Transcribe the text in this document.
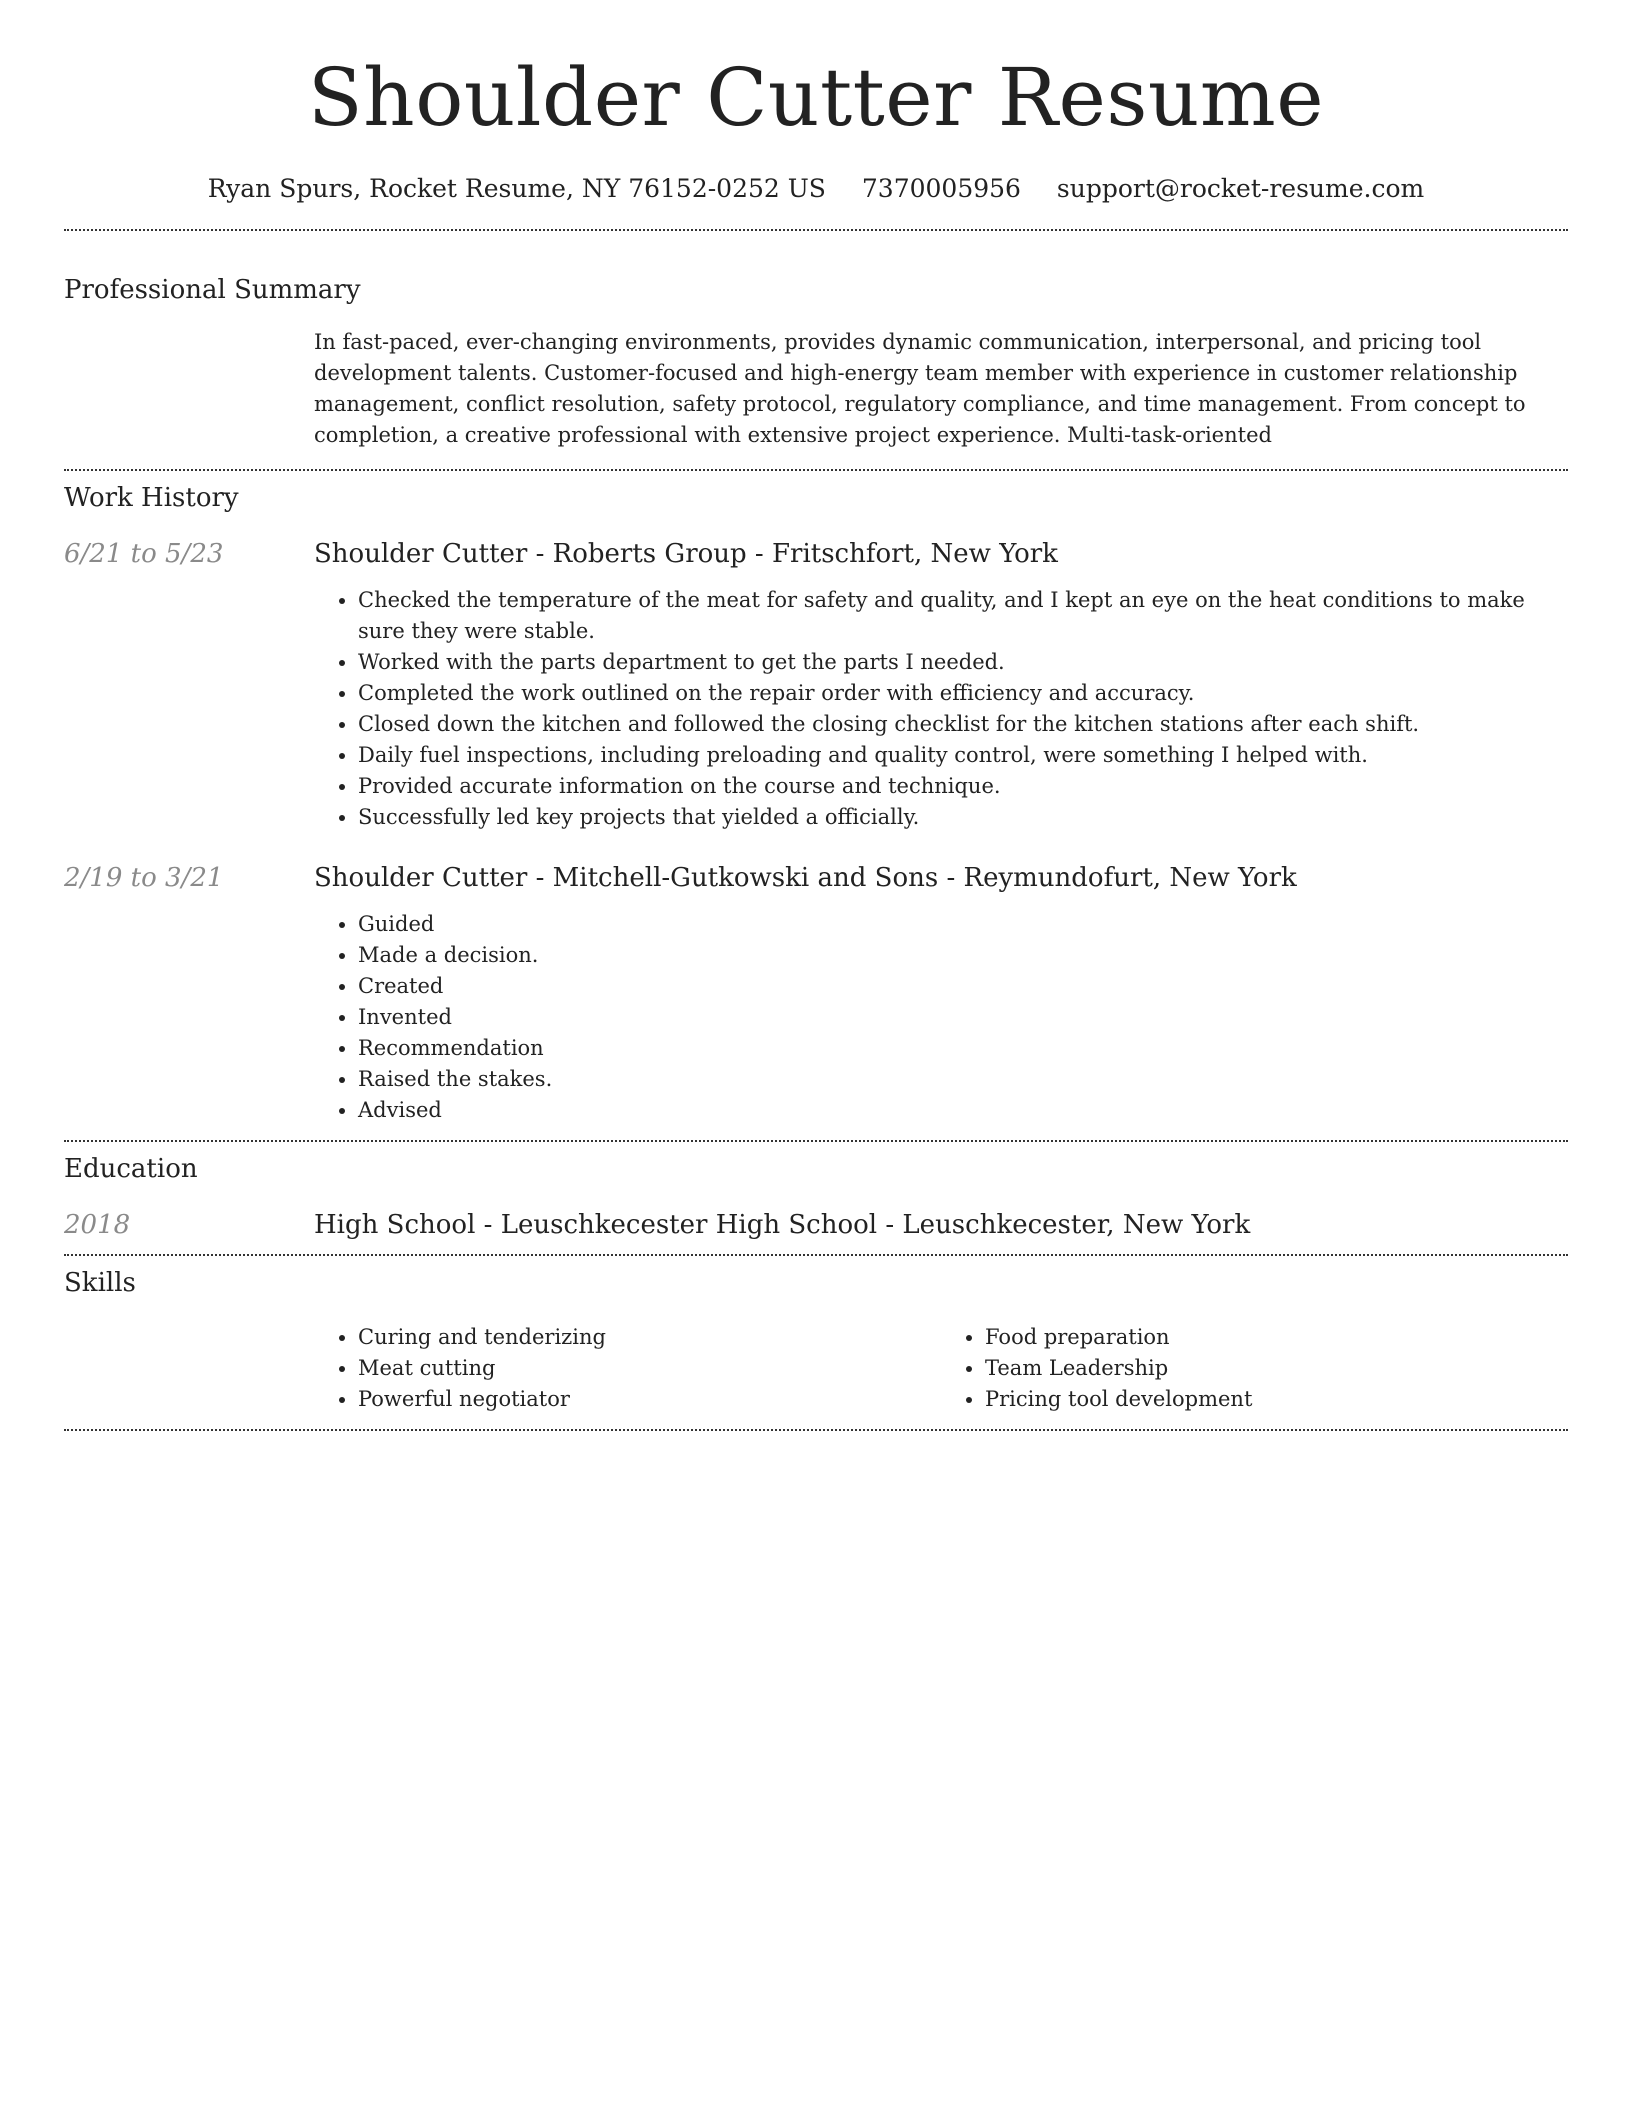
Shoulder Cutter Resume
Ryan Spurs, Rocket Resume, NY 76152-0252 US 7370005956 support@rocket-resume.com
Professional Summary
In fast-paced, ever-changing environments, provides dynamic communication, interpersonal, and pricing tool development talents. Customer-focused and high-energy team member with experience in customer relationship management, conflict resolution, safety protocol, regulatory compliance, and time management. From concept to completion, a creative professional with extensive project experience. Multi-task-oriented
Work History
6/21 to 5/23	Shoulder Cutter - Roberts Group - Fritschfort, New York
• Checked the temperature of the meat for safety and quality, and I kept an eye on the heat conditions to make sure they were stable.
• Worked with the parts department to get the parts I needed.
• Completed the work outlined on the repair order with efficiency and accuracy.
• Closed down the kitchen and followed the closing checklist for the kitchen stations after each shift.
• Daily fuel inspections, including preloading and quality control, were something I helped with.
• Provided accurate information on the course and technique.
• Successfully led key projects that yielded a officially.
2/19 to 3/21	Shoulder Cutter - Mitchell-Gutkowski and Sons - Reymundofurt, New York
• Guided
• Made a decision.
• Created
• Invented
• Recommendation
• Raised the stakes.
• Advised
Education
2018	High School - Leuschkecester High School - Leuschkecester, New York
Skills
• Curing and tenderizing
• Meat cutting
• Powerful negotiator
• Food preparation
• Team Leadership
• Pricing tool development
